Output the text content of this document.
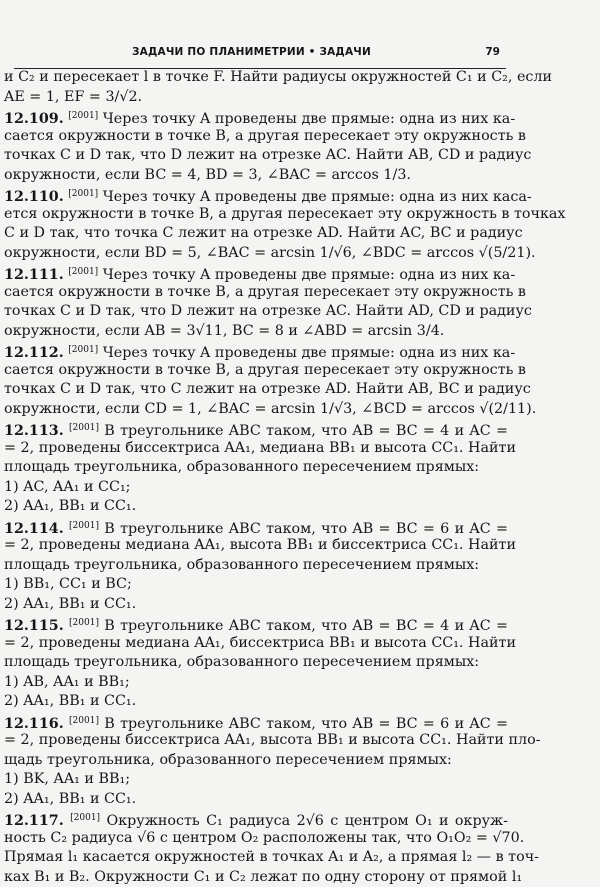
ЗАДАЧИ ПО ПЛАНИМЕТРИИ • ЗАДАЧИ	79
и C₂ и пересекает l в точке F. Найти радиусы окружностей C₁ и C₂, если
AE = 1, EF = 3/√2.
12.109. [2001] Через точку A проведены две прямые: одна из них ка-
сается окружности в точке B, а другая пересекает эту окружность в
точках C и D так, что D лежит на отрезке AC. Найти AB, CD и радиус
окружности, если BC = 4, BD = 3, ∠BAC = arccos 1/3.
12.110. [2001] Через точку A проведены две прямые: одна из них каса-
ется окружности в точке B, а другая пересекает эту окружность в точках
C и D так, что точка C лежит на отрезке AD. Найти AC, BC и радиус
окружности, если BD = 5, ∠BAC = arcsin 1/√6, ∠BDC = arccos √(5/21).
12.111. [2001] Через точку A проведены две прямые: одна из них ка-
сается окружности в точке B, а другая пересекает эту окружность в
точках C и D так, что D лежит на отрезке AC. Найти AD, CD и радиус
окружности, если AB = 3√11, BC = 8 и ∠ABD = arcsin 3/4.
12.112. [2001] Через точку A проведены две прямые: одна из них ка-
сается окружности в точке B, а другая пересекает эту окружность в
точках C и D так, что C лежит на отрезке AD. Найти AB, BC и радиус
окружности, если CD = 1, ∠BAC = arcsin 1/√3, ∠BCD = arccos √(2/11).
12.113. [2001] В треугольнике ABC таком, что AB = BC = 4 и AC =
= 2, проведены биссектриса AA₁, медиана BB₁ и высота CC₁. Найти
площадь треугольника, образованного пересечением прямых:
1) AC, AA₁ и CC₁;
2) AA₁, BB₁ и CC₁.
12.114. [2001] В треугольнике ABC таком, что AB = BC = 6 и AC =
= 2, проведены медиана AA₁, высота BB₁ и биссектриса CC₁. Найти
площадь треугольника, образованного пересечением прямых:
1) BB₁, CC₁ и BC;
2) AA₁, BB₁ и CC₁.
12.115. [2001] В треугольнике ABC таком, что AB = BC = 4 и AC =
= 2, проведены медиана AA₁, биссектриса BB₁ и высота CC₁. Найти
площадь треугольника, образованного пересечением прямых:
1) AB, AA₁ и BB₁;
2) AA₁, BB₁ и CC₁.
12.116. [2001] В треугольнике ABC таком, что AB = BC = 6 и AC =
= 2, проведены биссектриса AA₁, высота BB₁ и высота CC₁. Найти пло-
щадь треугольника, образованного пересечением прямых:
1) BK, AA₁ и BB₁;
2) AA₁, BB₁ и CC₁.
12.117. [2001] Окружность C₁ радиуса 2√6 с центром O₁ и окруж-
ность C₂ радиуса √6 с центром O₂ расположены так, что O₁O₂ = √70.
Прямая l₁ касается окружностей в точках A₁ и A₂, а прямая l₂ — в точ-
ках B₁ и B₂. Окружности C₁ и C₂ лежат по одну сторону от прямой l₁
